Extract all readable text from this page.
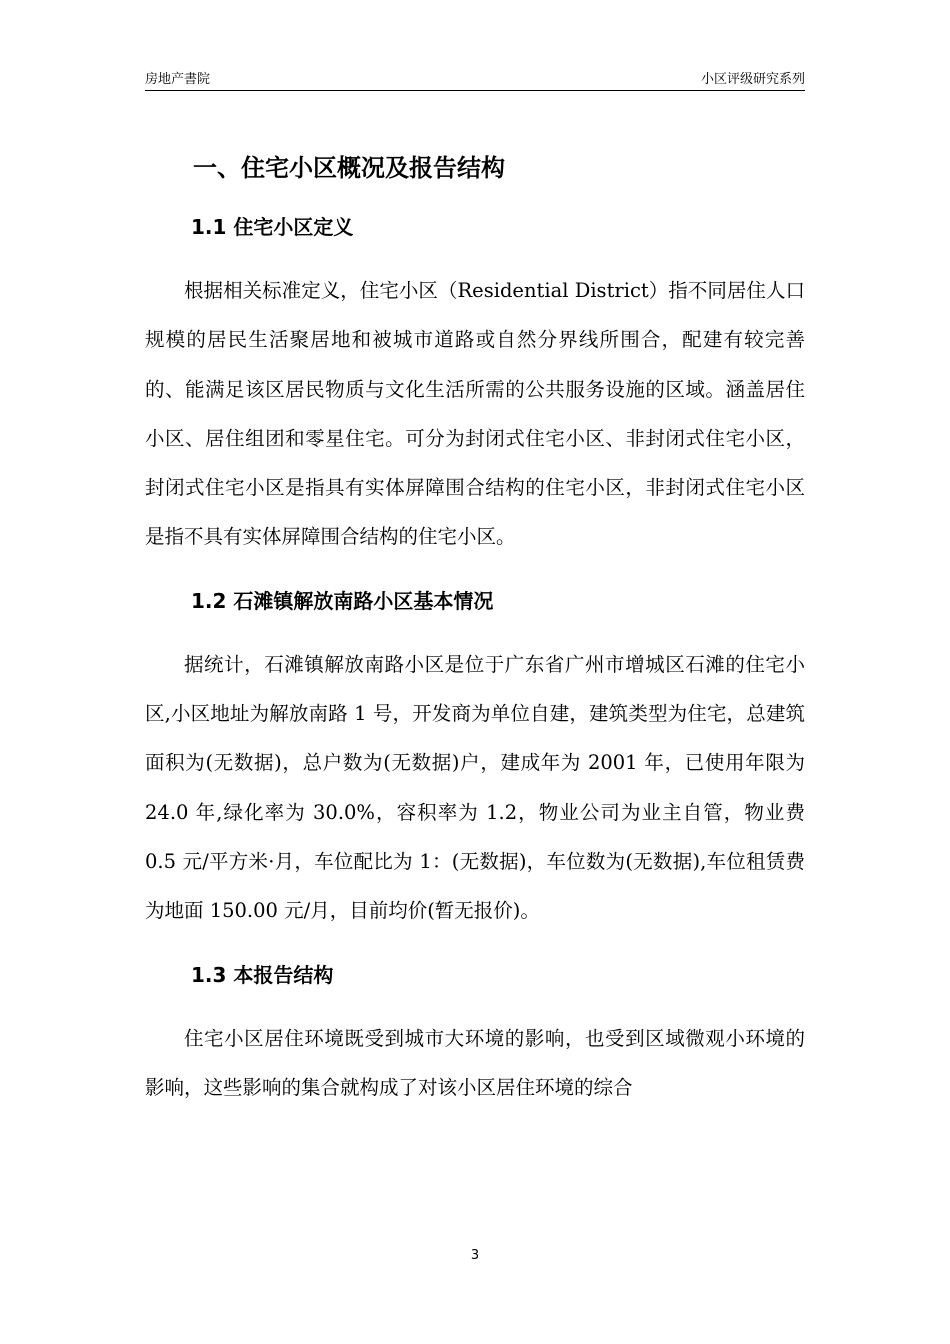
房地产書院	小区评级研究系列
一、住宅小区概况及报告结构
1.1 住宅小区定义

根据相关标准定义，住宅小区（Residential District）指不同居住人口规模的居民生活聚居地和被城市道路或自然分界线所围合，配建有较完善的、能满足该区居民物质与文化生活所需的公共服务设施的区域。涵盖居住小区、居住组团和零星住宅。可分为封闭式住宅小区、非封闭式住宅小区，封闭式住宅小区是指具有实体屏障围合结构的住宅小区，非封闭式住宅小区是指不具有实体屏障围合结构的住宅小区。

1.2 石滩镇解放南路小区基本情况

据统计，石滩镇解放南路小区是位于广东省广州市增城区石滩的住宅小区,小区地址为解放南路 1 号，开发商为单位自建，建筑类型为住宅，总建筑面积为(无数据)，总户数为(无数据)户，建成年为 2001 年，已使用年限为 24.0 年,绿化率为 30.0%，容积率为 1.2，物业公司为业主自管，物业费 0.5 元/平方米·月，车位配比为 1：(无数据)，车位数为(无数据),车位租赁费为地面 150.00 元/月，目前均价(暂无报价)。

1.3 本报告结构

住宅小区居住环境既受到城市大环境的影响，也受到区域微观小环境的影响，这些影响的集合就构成了对该小区居住环境的综合

3
